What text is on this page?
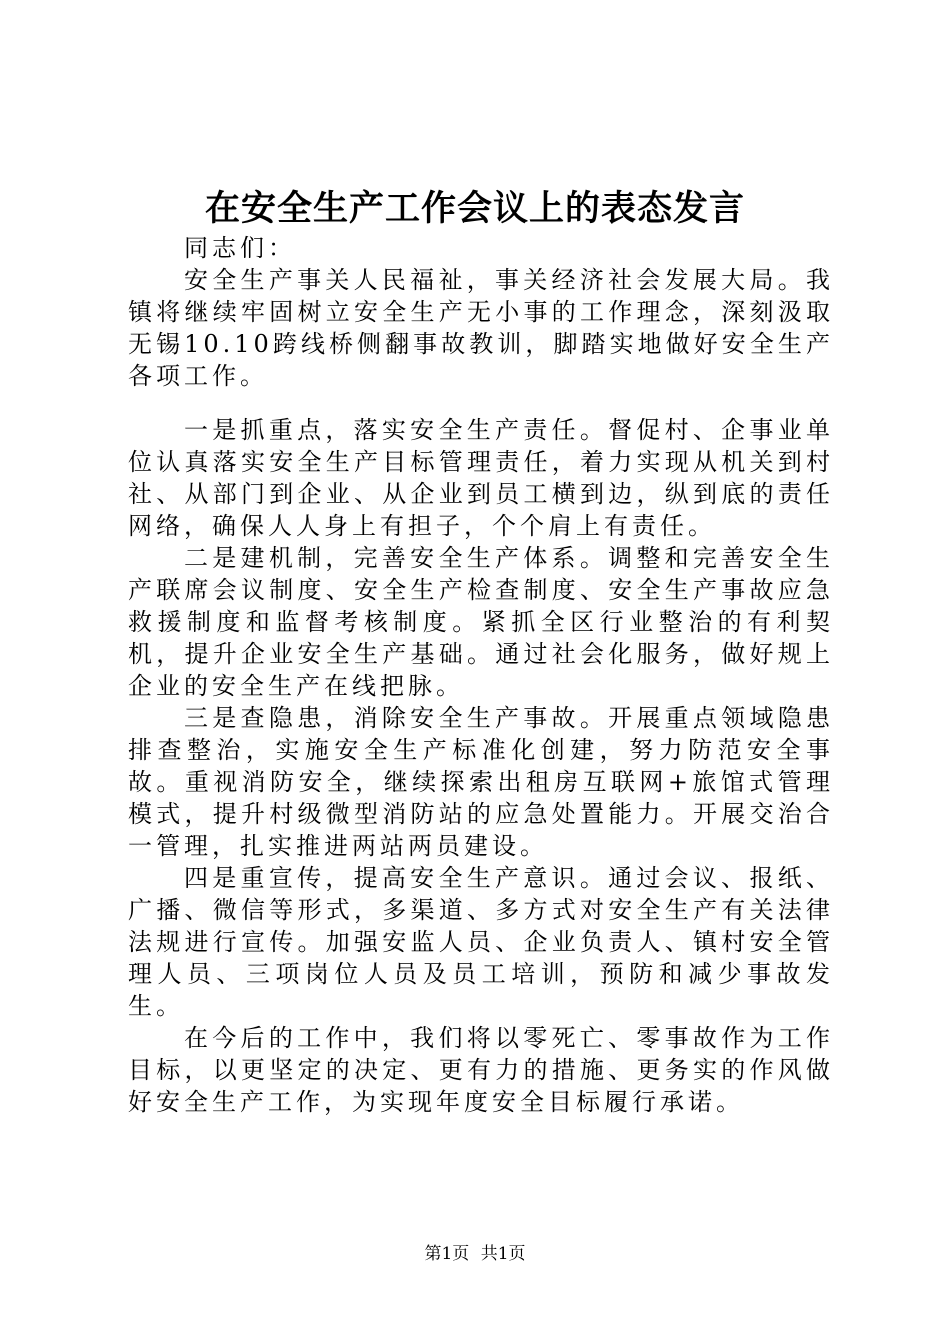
在安全生产工作会议上的表态发言

同志们：

安全生产事关人民福祉，事关经济社会发展大局。我镇将继续牢固树立安全生产无小事的工作理念，深刻汲取无锡10.10跨线桥侧翻事故教训，脚踏实地做好安全生产各项工作。

一是抓重点，落实安全生产责任。督促村、企事业单位认真落实安全生产目标管理责任，着力实现从机关到村社、从部门到企业、从企业到员工横到边，纵到底的责任网络，确保人人身上有担子，个个肩上有责任。

二是建机制，完善安全生产体系。调整和完善安全生产联席会议制度、安全生产检查制度、安全生产事故应急救援制度和监督考核制度。紧抓全区行业整治的有利契机，提升企业安全生产基础。通过社会化服务，做好规上企业的安全生产在线把脉。

三是查隐患，消除安全生产事故。开展重点领域隐患排查整治，实施安全生产标准化创建，努力防范安全事故。重视消防安全，继续探索出租房互联网+旅馆式管理模式，提升村级微型消防站的应急处置能力。开展交治合一管理，扎实推进两站两员建设。

四是重宣传，提高安全生产意识。通过会议、报纸、广播、微信等形式，多渠道、多方式对安全生产有关法律法规进行宣传。加强安监人员、企业负责人、镇村安全管理人员、三项岗位人员及员工培训，预防和减少事故发生。

在今后的工作中，我们将以零死亡、零事故作为工作目标，以更坚定的决定、更有力的措施、更务实的作风做好安全生产工作，为实现年度安全目标履行承诺。

第1页 共1页
